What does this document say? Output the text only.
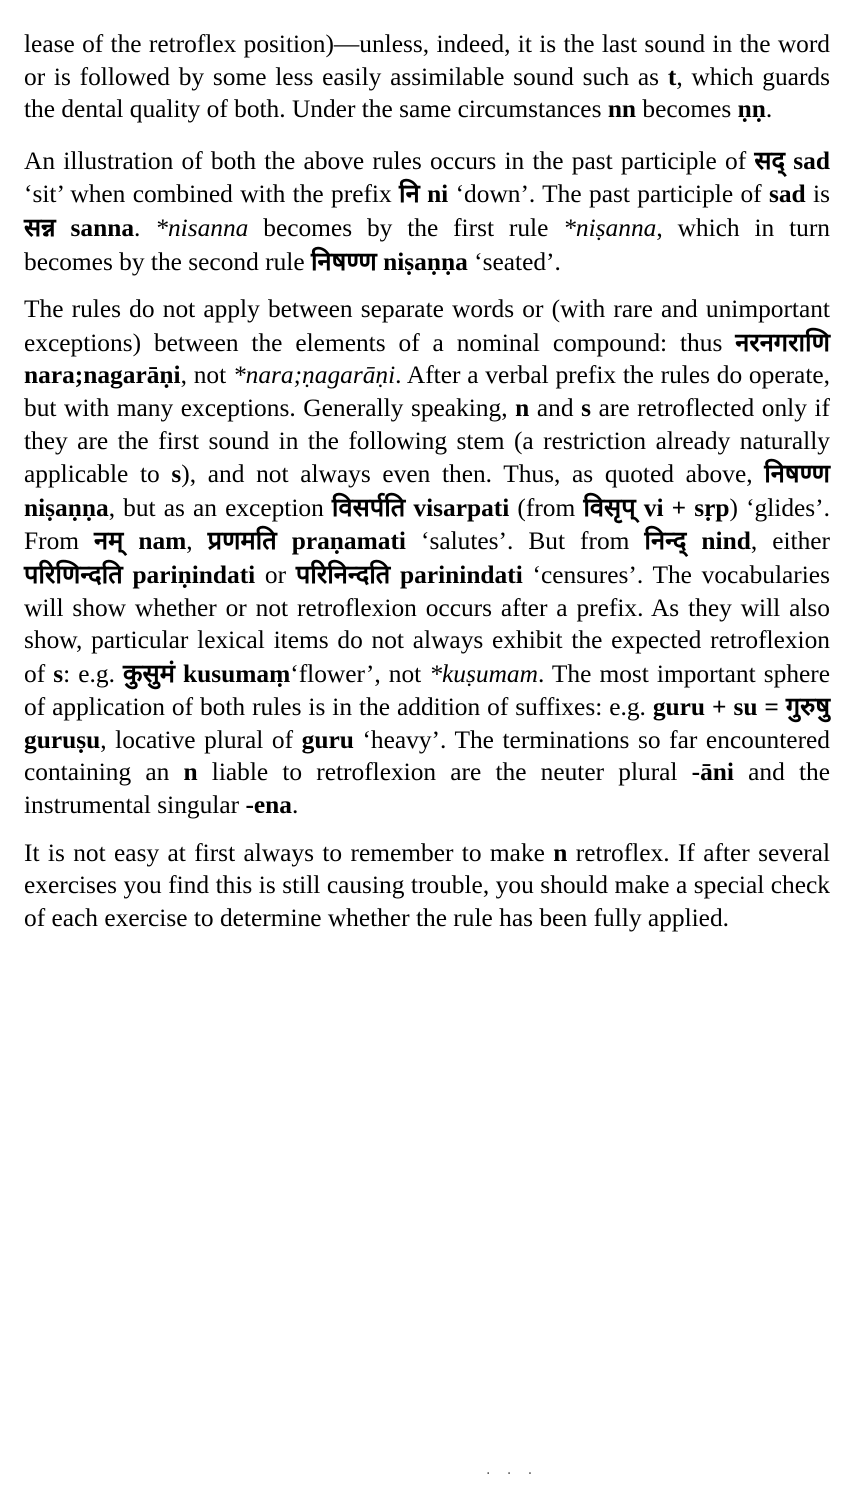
lease of the retroflex position)—unless, indeed, it is the last sound in the word or is followed by some less easily assimilable sound such as t, which guards the dental quality of both. Under the same circumstances nn becomes ṇṇ.

An illustration of both the above rules occurs in the past participle of सद् sad ‘sit’ when combined with the prefix नि ni ‘down’. The past participle of sad is सन्न sanna. *nisanna becomes by the first rule *niṣanna, which in turn becomes by the second rule निषण्ण niṣaṇṇa ‘seated’.

The rules do not apply between separate words or (with rare and unimportant exceptions) between the elements of a nominal compound: thus नरनगराणि nara;nagarāṇi, not *nara;ṇagarāṇi. After a verbal prefix the rules do operate, but with many exceptions. Generally speaking, n and s are retroflected only if they are the first sound in the following stem (a restriction already naturally applicable to s), and not always even then. Thus, as quoted above, निषण्ण niṣaṇṇa, but as an exception विसर्पति visarpati (from विसृप् vi + sṛp) ‘glides’. From नम् nam, प्रणमति praṇamati ‘salutes’. But from निन्द् nind, either परिणिन्दति pariṇindati or परिनिन्दति parinindati ‘censures’. The vocabularies will show whether or not retroflexion occurs after a prefix. As they will also show, particular lexical items do not always exhibit the expected retroflexion of s: e.g. कुसुमं kusumaṃ‘flower’, not *kuṣumam. The most important sphere of application of both rules is in the addition of suffixes: e.g. guru + su = गुरुषु guruṣu, locative plural of guru ‘heavy’. The terminations so far encountered containing an n liable to retroflexion are the neuter plural -āni and the instrumental singular -ena.

It is not easy at first always to remember to make n retroflex. If after several exercises you find this is still causing trouble, you should make a special check of each exercise to determine whether the rule has been fully applied.

· · ·
